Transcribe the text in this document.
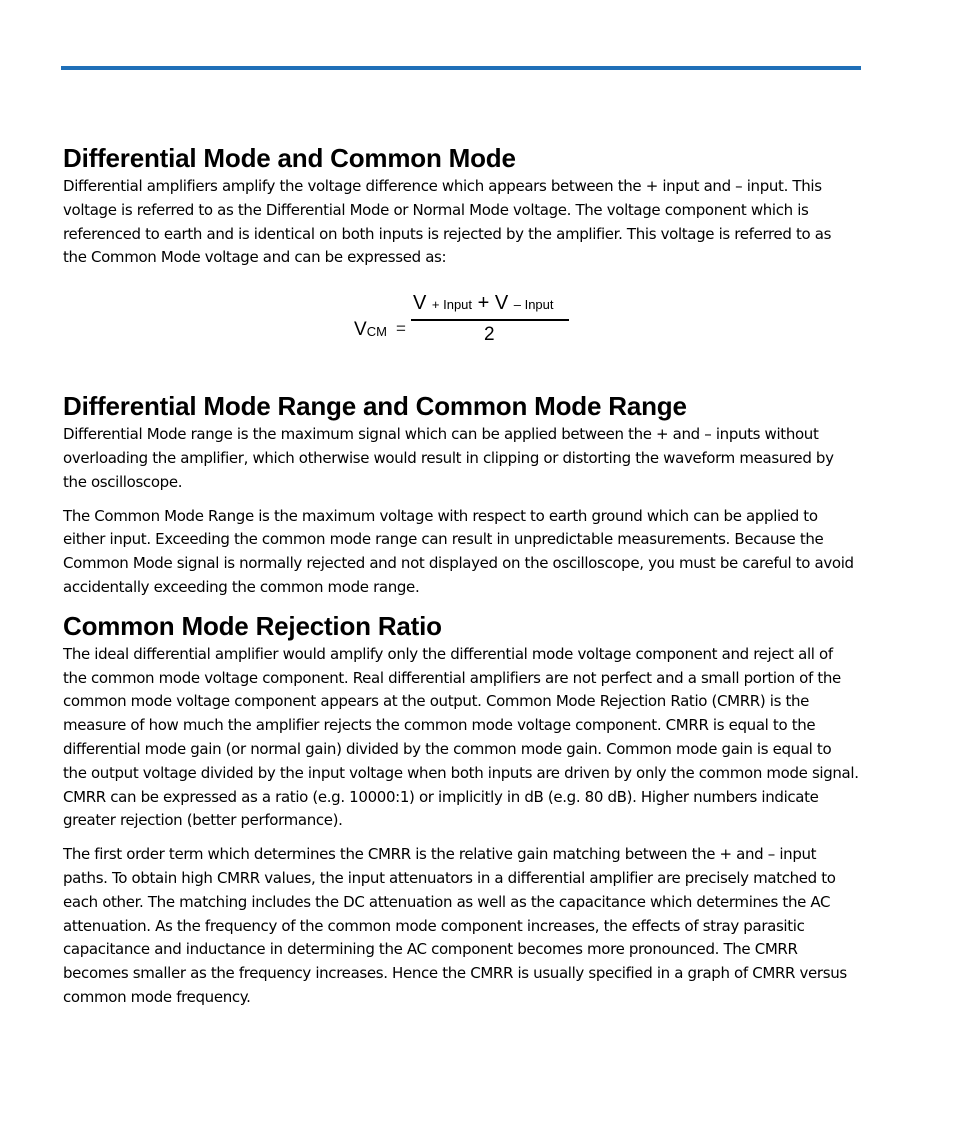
Differential Mode and Common Mode

Differential amplifiers amplify the voltage difference which appears between the + input and – input. This voltage is referred to as the Differential Mode or Normal Mode voltage. The voltage component which is referenced to earth and is identical on both inputs is rejected by the amplifier. This voltage is referred to as the Common Mode voltage and can be expressed as:

$V_{CM}$ =
V + Input + V – Input
2
Differential Mode Range and Common Mode Range

Differential Mode range is the maximum signal which can be applied between the + and – inputs without overloading the amplifier, which otherwise would result in clipping or distorting the waveform measured by the oscilloscope.

The Common Mode Range is the maximum voltage with respect to earth ground which can be applied to either input. Exceeding the common mode range can result in unpredictable measurements. Because the Common Mode signal is normally rejected and not displayed on the oscilloscope, you must be careful to avoid accidentally exceeding the common mode range.

Common Mode Rejection Ratio

The ideal differential amplifier would amplify only the differential mode voltage component and reject all of the common mode voltage component. Real differential amplifiers are not perfect and a small portion of the common mode voltage component appears at the output. Common Mode Rejection Ratio (CMRR) is the measure of how much the amplifier rejects the common mode voltage component. CMRR is equal to the differential mode gain (or normal gain) divided by the common mode gain. Common mode gain is equal to the output voltage divided by the input voltage when both inputs are driven by only the common mode signal. CMRR can be expressed as a ratio (e.g. 10000:1) or implicitly in dB (e.g. 80 dB). Higher numbers indicate greater rejection (better performance).

The first order term which determines the CMRR is the relative gain matching between the + and – input paths. To obtain high CMRR values, the input attenuators in a differential amplifier are precisely matched to each other. The matching includes the DC attenuation as well as the capacitance which determines the AC attenuation. As the frequency of the common mode component increases, the effects of stray parasitic capacitance and inductance in determining the AC component becomes more pronounced. The CMRR becomes smaller as the frequency increases. Hence the CMRR is usually specified in a graph of CMRR versus common mode frequency.
